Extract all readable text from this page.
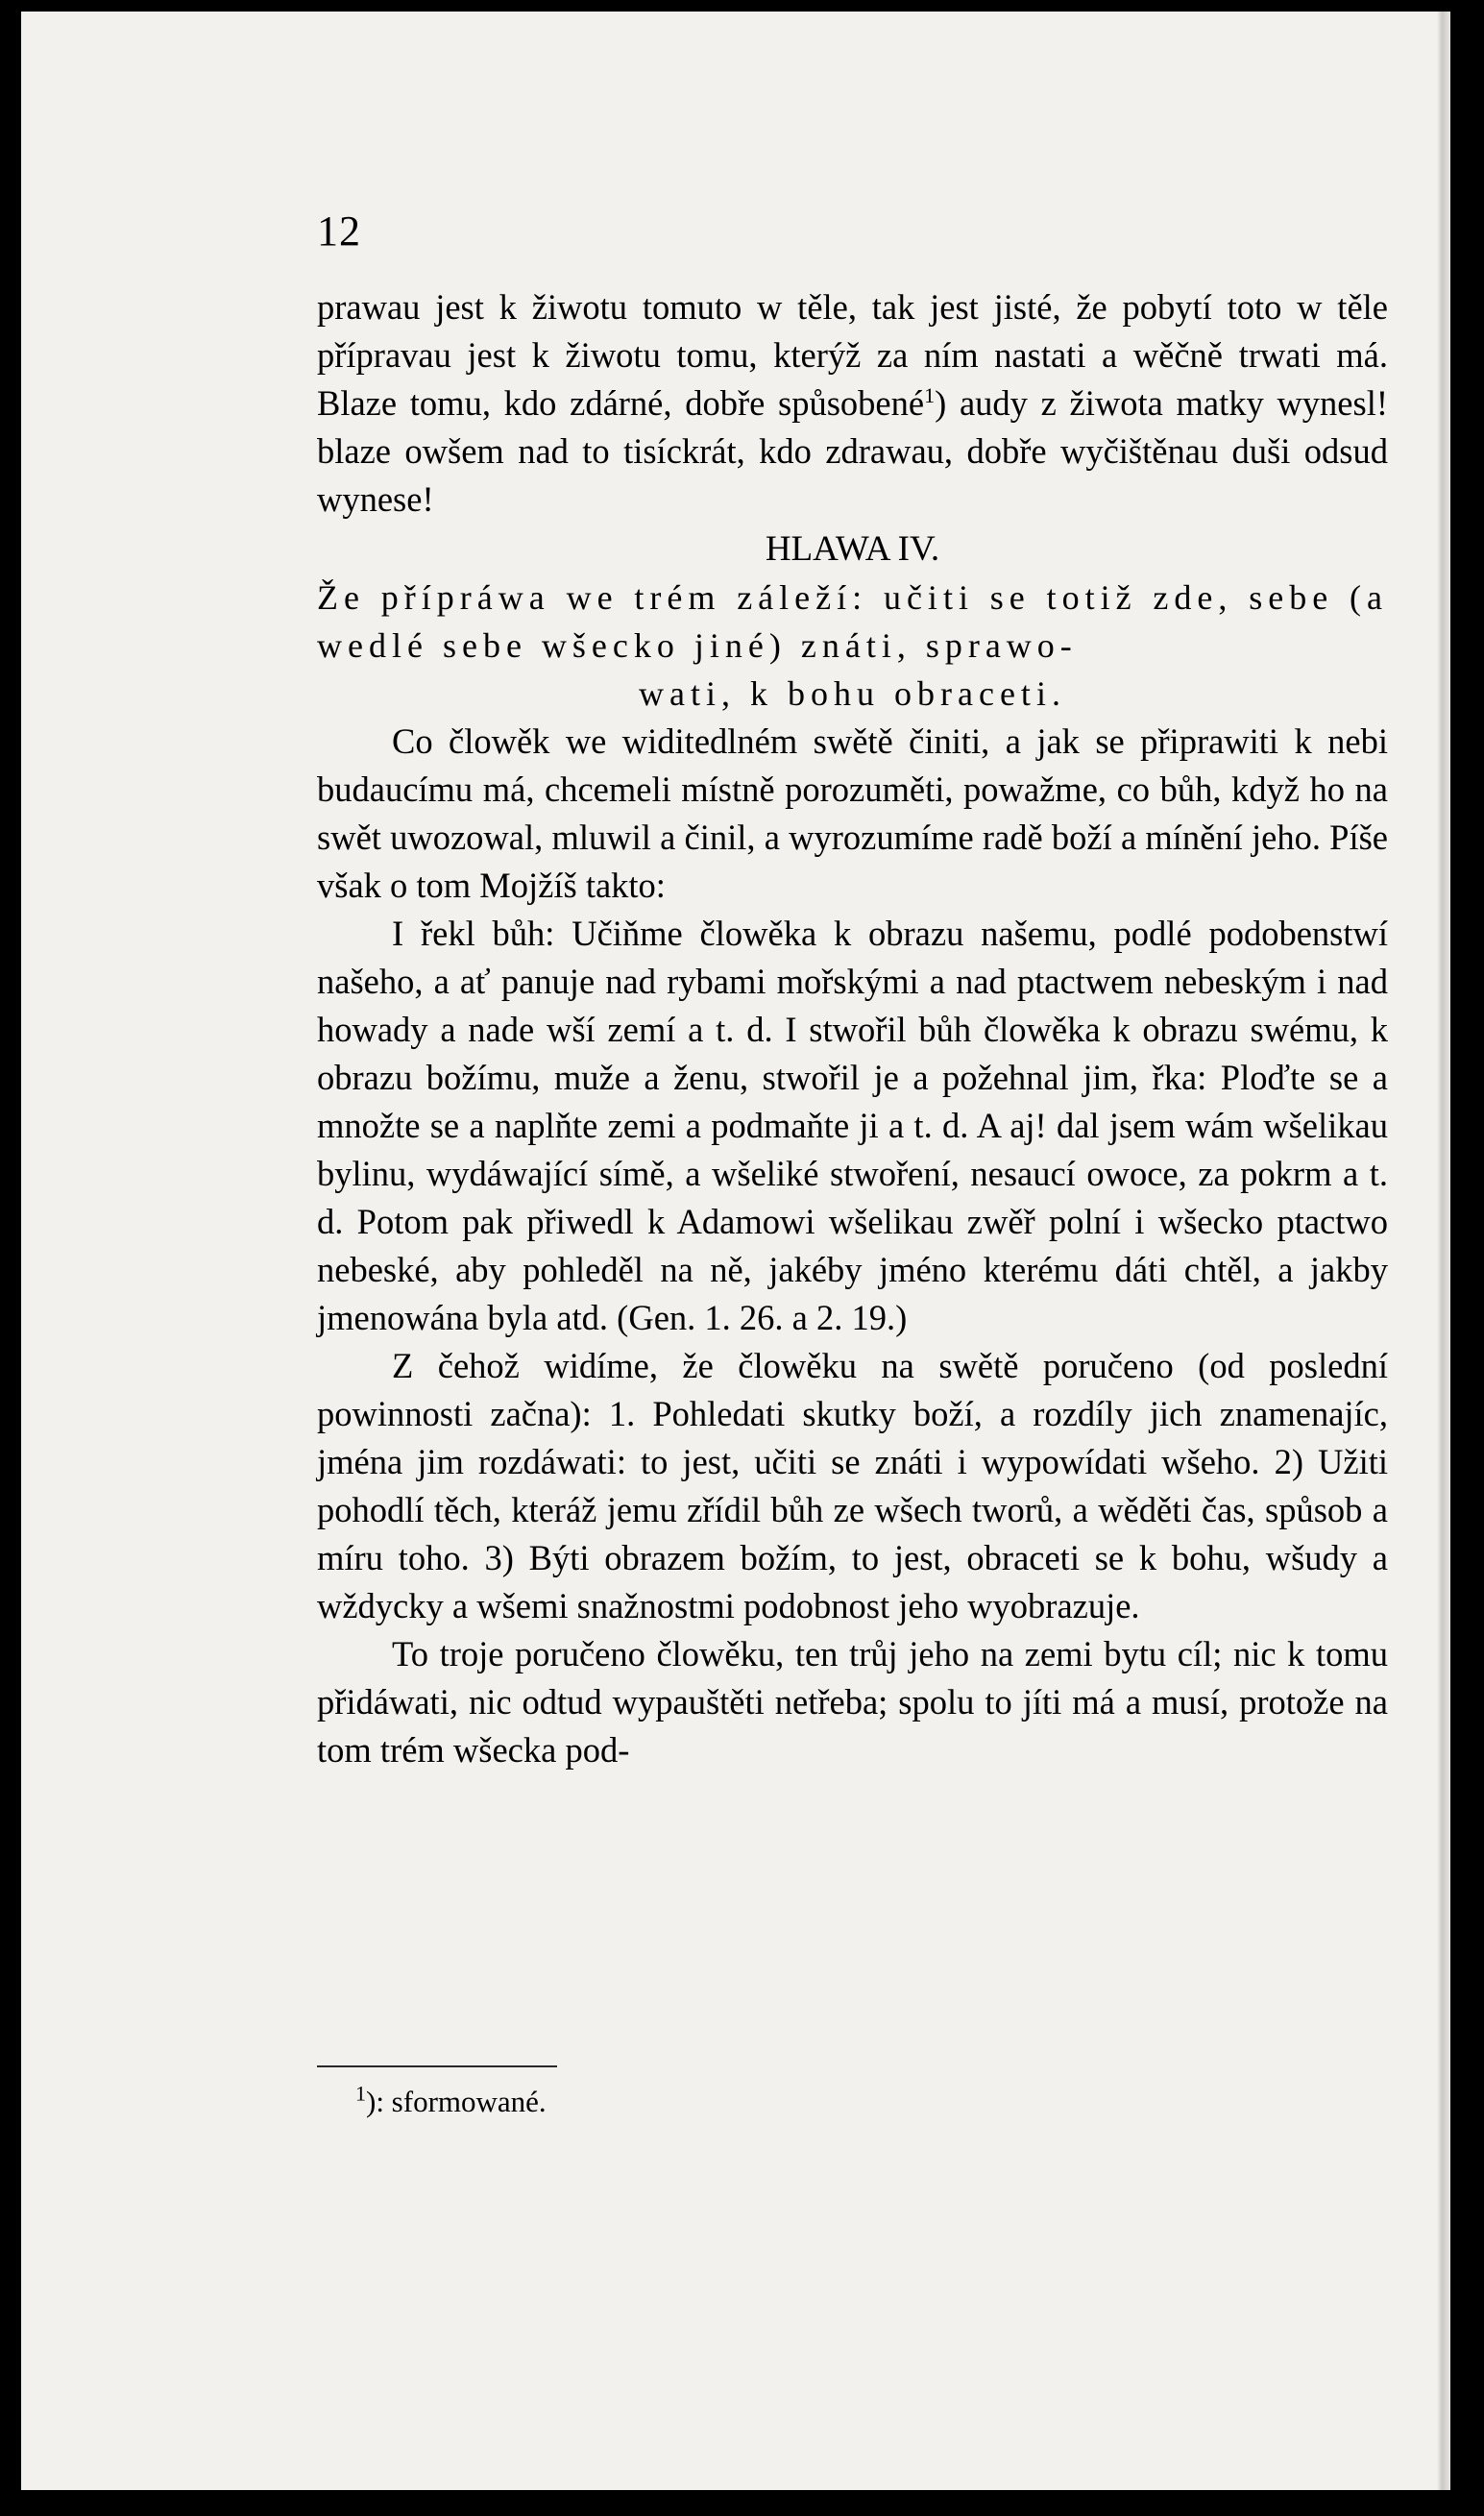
12

prawau jest k žiwotu tomuto w těle, tak jest jisté, že pobytí toto w těle přípravau jest k žiwotu tomu, kterýž za ním nastati a wěčně trwati má. Blaze tomu, kdo zdárné, dobře spůsobené$^1$) audy z žiwota matky wynesl! blaze owšem nad to tisíckrát, kdo zdrawau, dobře wyčištěnau duši odsud wynese!

HLAWA IV.

Že přípráwa we trém záleží: učiti se totiž zde, sebe (a wedlé sebe wšecko jiné) znáti, sprawo-
wati, k bohu obraceti.

Co člowěk we widitedlném swětě činiti, a jak se připrawiti k nebi budaucímu má, chcemeli místně porozuměti, powažme, co bůh, když ho na swět uwozowal, mluwil a činil, a wyrozumíme radě boží a mínění jeho. Píše však o tom Mojžíš takto:

I řekl bůh: Učiňme člowěka k obrazu našemu, podlé podobenstwí našeho, a ať panuje nad rybami mořskými a nad ptactwem nebeským i nad howady a nade wší zemí a t. d. I stwořil bůh člowěka k obrazu swému, k obrazu božímu, muže a ženu, stwořil je a požehnal jim, řka: Ploďte se a množte se a naplňte zemi a podmaňte ji a t. d. A aj! dal jsem wám wšelikau bylinu, wydáwající símě, a wšeliké stwoření, nesaucí owoce, za pokrm a t. d. Potom pak přiwedl k Adamowi wšelikau zwěř polní i wšecko ptactwo nebeské, aby pohleděl na ně, jakéby jméno kterému dáti chtěl, a jakby jmenowána byla atd. (Gen. 1. 26. a 2. 19.)

Z čehož widíme, že člowěku na swětě poručeno (od poslední powinnosti začna): 1. Pohledati skutky boží, a rozdíly jich znamenajíc, jména jim rozdáwati: to jest, učiti se znáti i wypowídati wšeho. 2) Užiti pohodlí těch, kteráž jemu zřídil bůh ze wšech tworů, a wěděti čas, spůsob a míru toho. 3) Býti obrazem božím, to jest, obraceti se k bohu, wšudy a wždycky a wšemi snažnostmi podobnost jeho wyobrazuje.

To troje poručeno člowěku, ten trůj jeho na zemi bytu cíl; nic k tomu přidáwati, nic odtud wypauštěti netřeba; spolu to jíti má a musí, protože na tom trém wšecka pod-

$^1$): sformowané.
